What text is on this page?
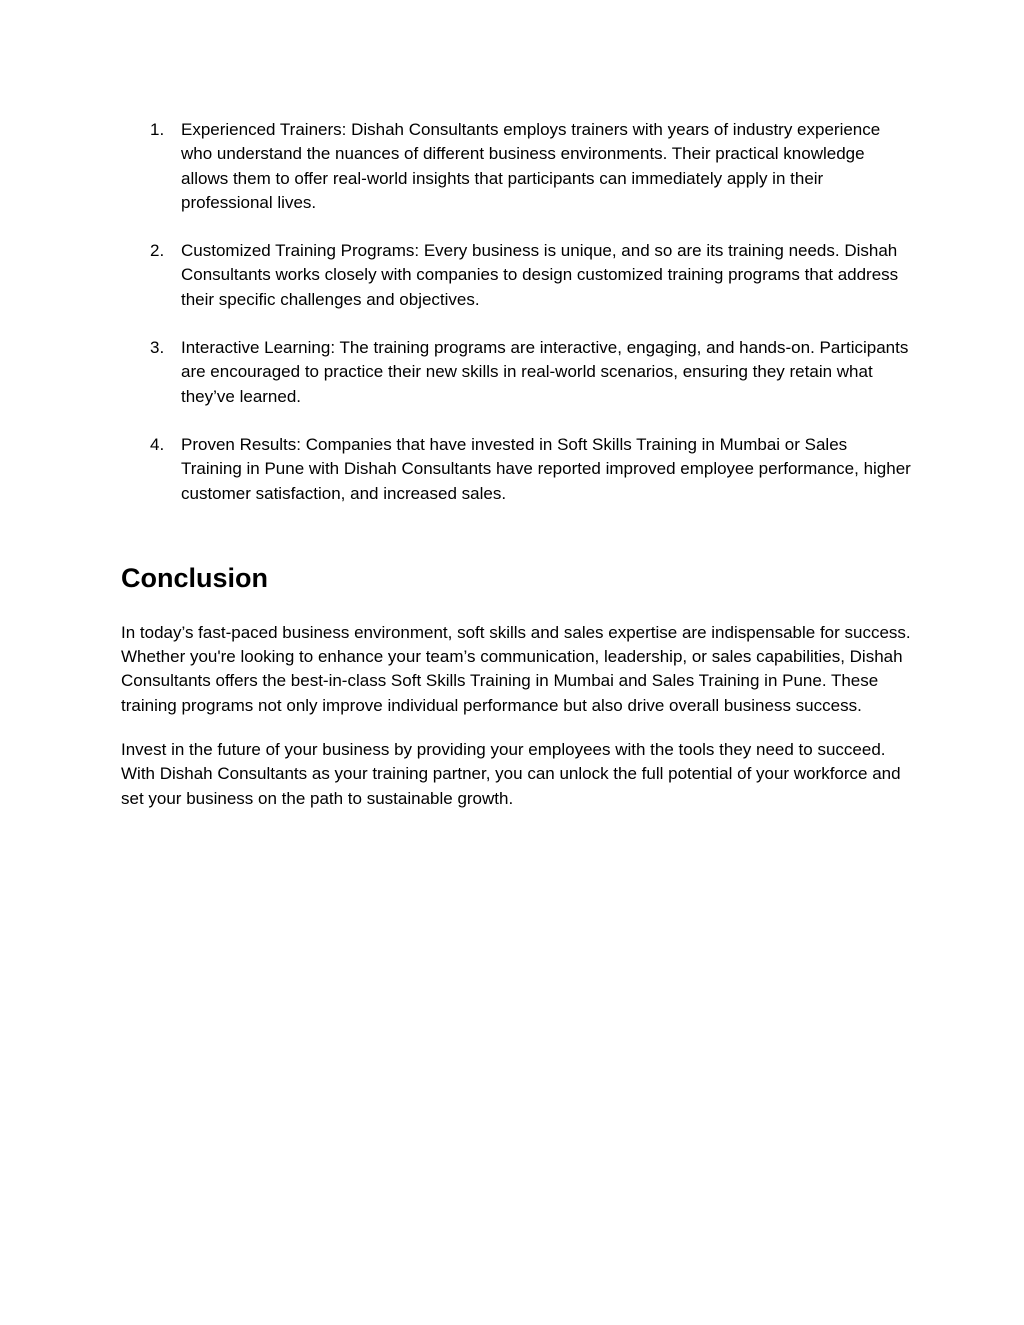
1. Experienced Trainers: Dishah Consultants employs trainers with years of industry experience who understand the nuances of different business environments. Their practical knowledge allows them to offer real-world insights that participants can immediately apply in their professional lives.
2. Customized Training Programs: Every business is unique, and so are its training needs. Dishah Consultants works closely with companies to design customized training programs that address their specific challenges and objectives.
3. Interactive Learning: The training programs are interactive, engaging, and hands-on. Participants are encouraged to practice their new skills in real-world scenarios, ensuring they retain what they’ve learned.
4. Proven Results: Companies that have invested in Soft Skills Training in Mumbai or Sales Training in Pune with Dishah Consultants have reported improved employee performance, higher customer satisfaction, and increased sales.
Conclusion

In today’s fast-paced business environment, soft skills and sales expertise are indispensable for success. Whether you're looking to enhance your team’s communication, leadership, or sales capabilities, Dishah Consultants offers the best-in-class Soft Skills Training in Mumbai and Sales Training in Pune. These training programs not only improve individual performance but also drive overall business success.

Invest in the future of your business by providing your employees with the tools they need to succeed. With Dishah Consultants as your training partner, you can unlock the full potential of your workforce and set your business on the path to sustainable growth.
